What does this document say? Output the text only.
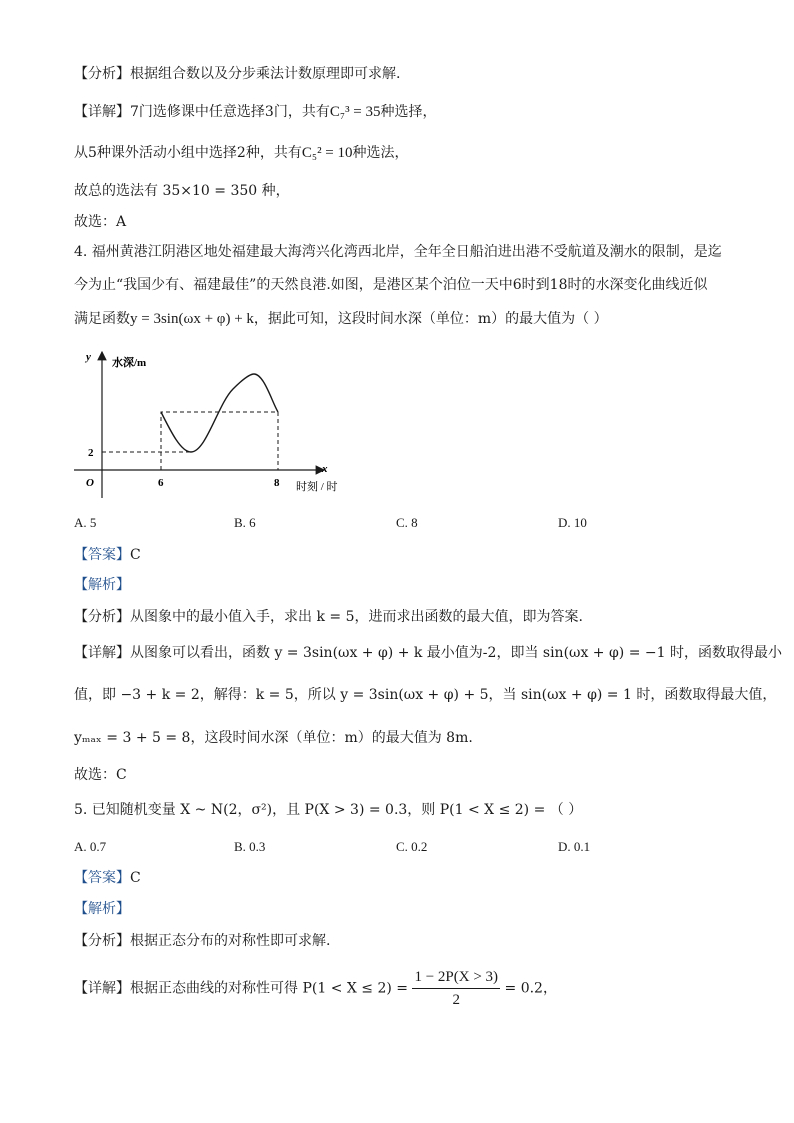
【分析】根据组合数以及分步乘法计数原理即可求解.
【详解】7门选修课中任意选择3门，共有C₇³ = 35种选择，
从5种课外活动小组中选择2种，共有C₅² = 10种选法，
故总的选法有 35×10 = 350 种，
故选：A
4. 福州黄港江阴港区地处福建最大海湾兴化湾西北岸，全年全日船泊进出港不受航道及潮水的限制，是迄
今为止“我国少有、福建最佳”的天然良港.如图，是港区某个泊位一天中6时到18时的水深变化曲线近似
满足函数y = 3sin(ωx + φ) + k，据此可知，这段时间水深（单位：m）的最大值为（ ）
y 水深/m
2
O
x
6	8 时刻 / 时
A. 5	B. 6	C. 8	D. 10
【答案】C
【解析】
【分析】从图象中的最小值入手，求出 k = 5，进而求出函数的最大值，即为答案.
【详解】从图象可以看出，函数 y = 3sin(ωx + φ) + k 最小值为-2，即当 sin(ωx + φ) = −1 时，函数取得最小
值，即 −3 + k = 2，解得：k = 5，所以 y = 3sin(ωx + φ) + 5，当 sin(ωx + φ) = 1 时，函数取得最大值，
yₘₐₓ = 3 + 5 = 8，这段时间水深（单位：m）的最大值为 8m.
故选：C
5. 已知随机变量 X ~ N(2，σ²)，且 P(X > 3) = 0.3，则 P(1 < X ≤ 2) = （ ）
A. 0.7	B. 0.3	C. 0.2	D. 0.1
【答案】C
【解析】
【分析】根据正态分布的对称性即可求解.
【详解】根据正态曲线的对称性可得 $P(1 < X \le 2) = \frac{1 - 2P(X > 3)}{2} = 0.2$，
